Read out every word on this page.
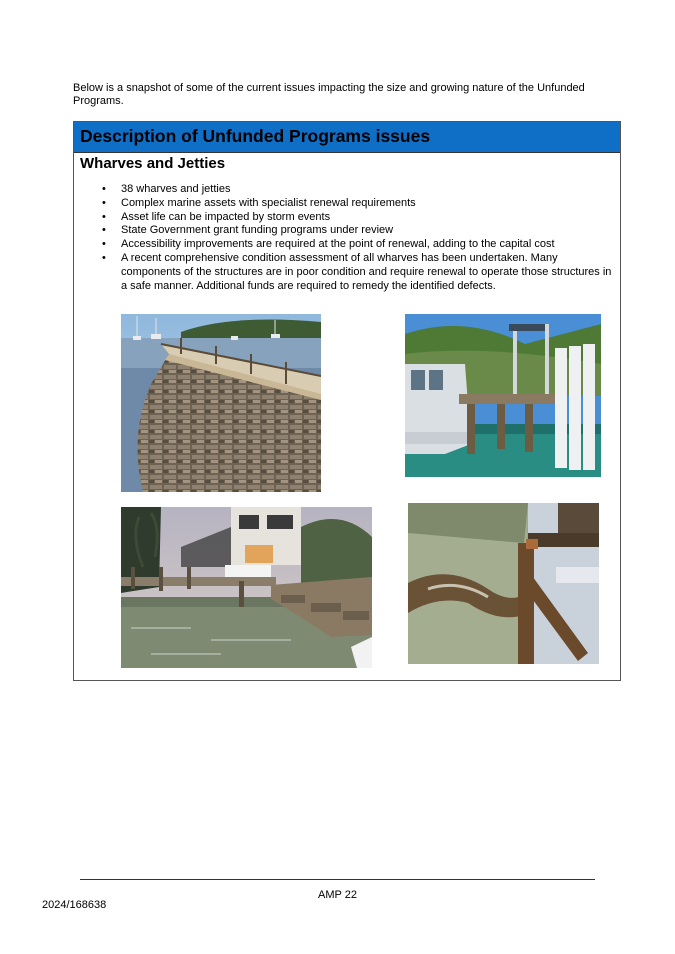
Below is a snapshot of some of the current issues impacting the size and growing nature of the Unfunded Programs.

Description of Unfunded Programs issues
Wharves and Jetties
• 38 wharves and jetties
• Complex marine assets with specialist renewal requirements
• Asset life can be impacted by storm events
• State Government grant funding programs under review
• Accessibility improvements are required at the point of renewal, adding to the capital cost
• A recent comprehensive condition assessment of all wharves has been undertaken. Many components of the structures are in poor condition and require renewal to operate those structures in a safe manner. Additional funds are required to remedy the identified defects.
AMP 22
2024/168638
